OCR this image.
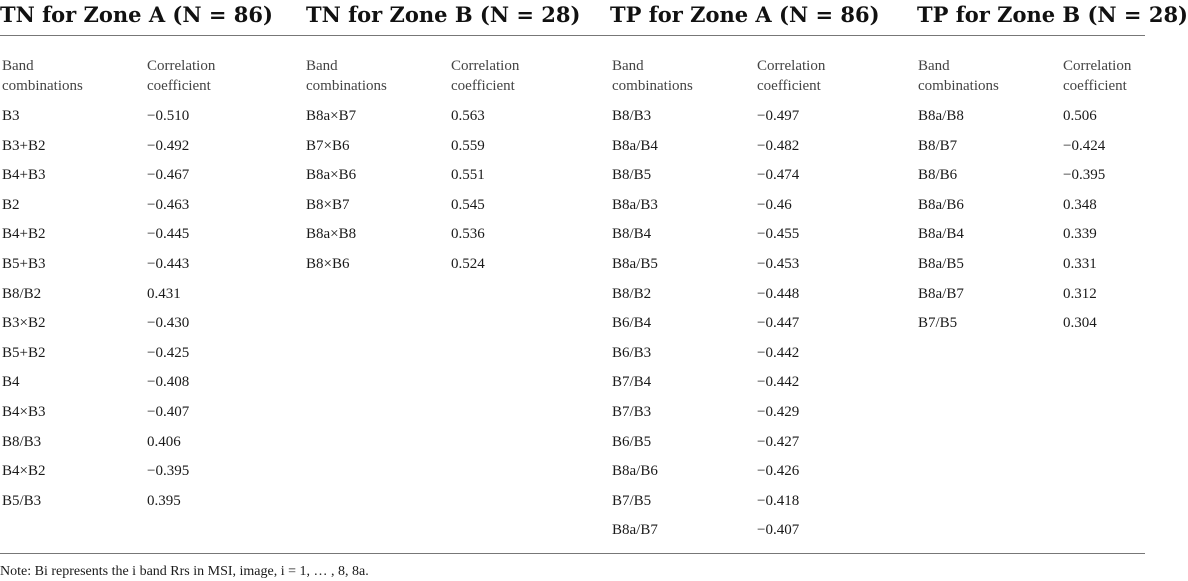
Note: Bi represents the i band Rrs in MSI, image, i = 1, … , 8, 8a.
TN for Zone A (N = 86)
Band
combinations
Correlation
coefficient
B3	−0.510
B3+B2	−0.492
B4+B3	−0.467
B2	−0.463
B4+B2	−0.445
B5+B3	−0.443
B8/B2	0.431
B3×B2	−0.430
B5+B2	−0.425
B4	−0.408
B4×B3	−0.407
B8/B3	0.406
B4×B2	−0.395
B5/B3	0.395
TN for Zone B (N = 28)
Band
combinations
Correlation
coefficient
B8a×B7	0.563
B7×B6	0.559
B8a×B6	0.551
B8×B7	0.545
B8a×B8	0.536
B8×B6	0.524
TP for Zone A (N = 86)
Band
combinations
Correlation
coefficient
B8/B3	−0.497
B8a/B4	−0.482
B8/B5	−0.474
B8a/B3	−0.46
B8/B4	−0.455
B8a/B5	−0.453
B8/B2	−0.448
B6/B4	−0.447
B6/B3	−0.442
B7/B4	−0.442
B7/B3	−0.429
B6/B5	−0.427
B8a/B6	−0.426
B7/B5	−0.418
B8a/B7	−0.407
TP for Zone B (N = 28)
Band
combinations
Correlation
coefficient
B8a/B8	0.506
B8/B7	−0.424
B8/B6	−0.395
B8a/B6	0.348
B8a/B4	0.339
B8a/B5	0.331
B8a/B7	0.312
B7/B5	0.304
